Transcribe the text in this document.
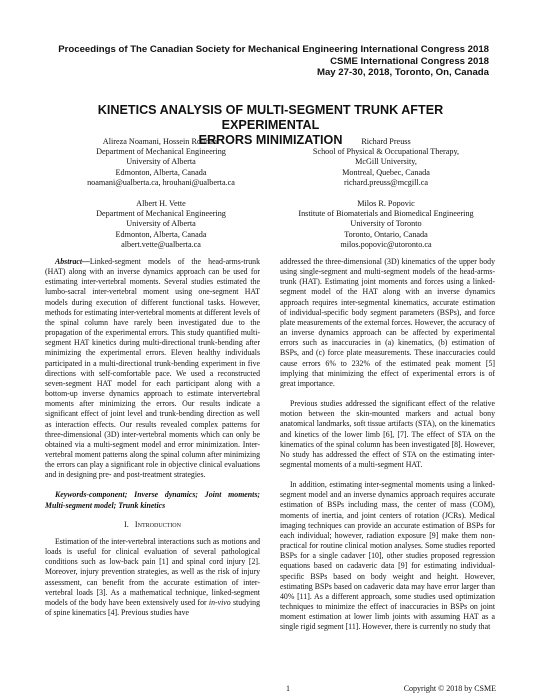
Proceedings of The Canadian Society for Mechanical Engineering International Congress 2018
CSME International Congress 2018
May 27-30, 2018, Toronto, On, Canada
KINETICS ANALYSIS OF MULTI-SEGMENT TRUNK AFTER EXPERIMENTAL
ERRORS MINIMIZATION
Alireza Noamani, Hossein Rouhani
Department of Mechanical Engineering
University of Alberta
Edmonton, Alberta, Canada
noamani@ualberta.ca, hrouhani@ualberta.ca
Richard Preuss
School of Physical & Occupational Therapy,
McGill University,
Montreal, Quebec, Canada
richard.preuss@mcgill.ca
Albert H. Vette
Department of Mechanical Engineering
University of Alberta
Edmonton, Alberta, Canada
albert.vette@ualberta.ca
Milos R. Popovic
Institute of Biomaterials and Biomedical Engineering
University of Toronto
Toronto, Ontario, Canada
milos.popovic@utoronto.ca

Abstract—Linked-segment models of the head-arms-trunk (HAT) along with an inverse dynamics approach can be used for estimating inter-vertebral moments. Several studies estimated the lumbo-sacral inter-vertebral moment using one-segment HAT models during execution of different functional tasks. However, methods for estimating inter-vertebral moments at different levels of the spinal column have rarely been investigated due to the propagation of the experimental errors. This study quantified multi-segment HAT kinetics during multi-directional trunk-bending after minimizing the experimental errors. Eleven healthy individuals participated in a multi-directional trunk-bending experiment in five directions with self-comfortable pace. We used a reconstructed seven-segment HAT model for each participant along with a bottom-up inverse dynamics approach to estimate intervertebral moments after minimizing the errors. Our results indicate a significant effect of joint level and trunk-bending direction as well as interaction effects. Our results revealed complex patterns for three-dimensional (3D) inter-vertebral moments which can only be obtained via a multi-segment model and error minimization. Inter-vertebral moment patterns along the spinal column after minimizing the errors can play a significant role in objective clinical evaluations and in designing pre- and post-treatment strategies.

Keywords-component; Inverse dynamics; Joint moments; Multi-segment model; Trunk kinetics

I. Introduction

Estimation of the inter-vertebral interactions such as motions and loads is useful for clinical evaluation of several pathological conditions such as low-back pain [1] and spinal cord injury [2]. Moreover, injury prevention strategies, as well as the risk of injury assessment, can benefit from the accurate estimation of inter-vertebral loads [3]. As a mathematical technique, linked-segment models of the body have been extensively used for in-vivo studying of spine kinematics [4]. Previous studies have

addressed the three-dimensional (3D) kinematics of the upper body using single-segment and multi-segment models of the head-arms-trunk (HAT). Estimating joint moments and forces using a linked-segment model of the HAT along with an inverse dynamics approach requires inter-segmental kinematics, accurate estimation of individual-specific body segment parameters (BSPs), and force plate measurements of the external forces. However, the accuracy of an inverse dynamics approach can be affected by experimental errors such as inaccuracies in (a) kinematics, (b) estimation of BSPs, and (c) force plate measurements. These inaccuracies could cause errors 6% to 232% of the estimated peak moment [5] implying that minimizing the effect of experimental errors is of great importance.

Previous studies addressed the significant effect of the relative motion between the skin-mounted markers and actual bony anatomical landmarks, soft tissue artifacts (STA), on the kinematics and kinetics of the lower limb [6], [7]. The effect of STA on the kinematics of the spinal column has been investigated [8]. However, No study has addressed the effect of STA on the estimating inter-segmental moments of a multi-segment HAT.

In addition, estimating inter-segmental moments using a linked-segment model and an inverse dynamics approach requires accurate estimation of BSPs including mass, the center of mass (COM), moments of inertia, and joint centers of rotation (JCRs). Medical imaging techniques can provide an accurate estimation of BSPs for each individual; however, radiation exposure [9] make them non-practical for routine clinical motion analyses. Some studies reported BSPs for a single cadaver [10], other studies proposed regression equations based on cadaveric data [9] for estimating individual-specific BSPs based on body weight and height. However, estimating BSPs based on cadaveric data may have error larger than 40% [11]. As a different approach, some studies used optimization techniques to minimize the effect of inaccuracies in BSPs on joint moment estimation at lower limb joints with assuming HAT as a single rigid segment [11]. However, there is currently no study that

1	Copyright © 2018 by CSME
